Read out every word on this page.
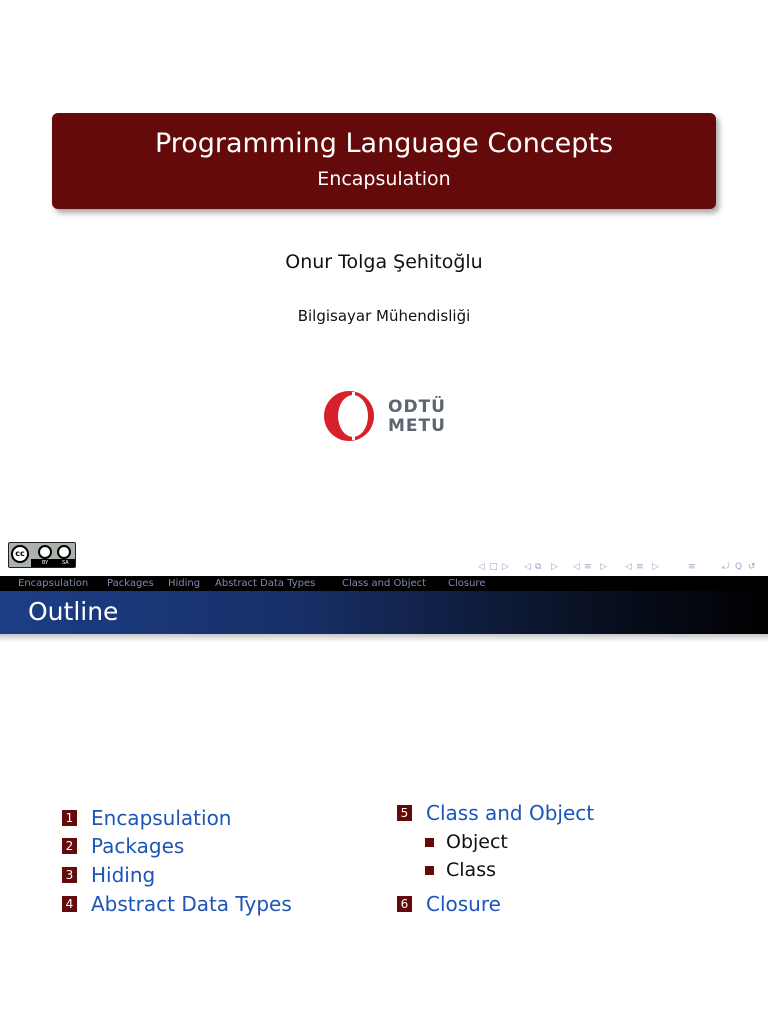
Programming Language Concepts
Encapsulation
Onur Tolga Şehitoğlu
Bilgisayar Mühendisliği
ODTÜ
METU
cc
BY	SA	◁ □ ▷ ◁ ⧉ ▷ ◁ ≡ ▷ ◁ ≡ ▷	≡	⤾ Q ↺
Encapsulation Packages Hiding Abstract Data Types	Class and Object Closure
Outline
1 Encapsulation
2 Packages
3 Hiding
4 Abstract Data Types
5 Class and Object
Object
Class
6 Closure
